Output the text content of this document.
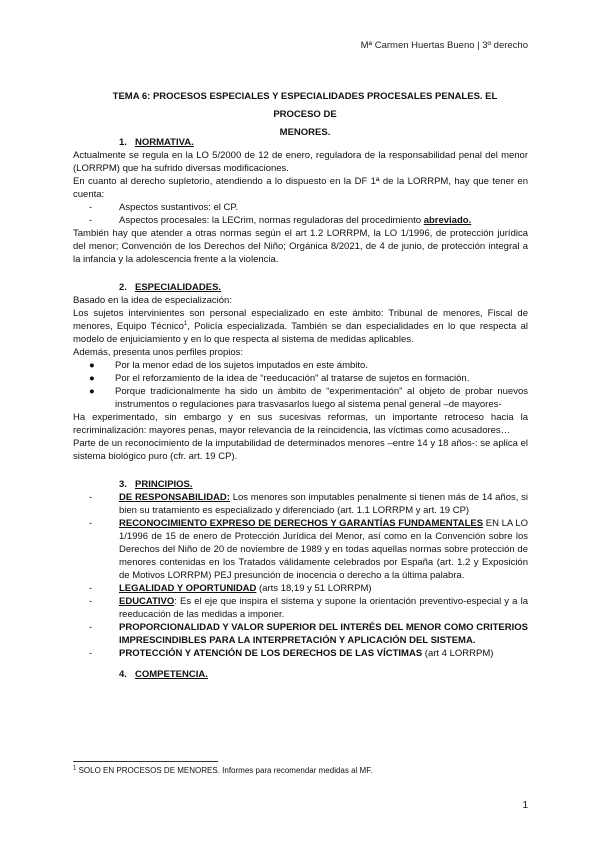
Mª Carmen Huertas Bueno | 3º derecho
TEMA 6: PROCESOS ESPECIALES Y ESPECIALIDADES PROCESALES PENALES. EL PROCESO DE
MENORES.
1. NORMATIVA.
Actualmente se regula en la LO 5/2000 de 12 de enero, reguladora de la responsabilidad penal del menor (LORRPM) que ha sufrido diversas modificaciones.
En cuanto al derecho supletorio, atendiendo a lo dispuesto en la DF 1ª de la LORRPM, hay que tener en cuenta:
-	Aspectos sustantivos: el CP.
-	Aspectos procesales: la LECrim, normas reguladoras del procedimiento abreviado.
También hay que atender a otras normas según el art 1.2 LORRPM, la LO 1/1996, de protección jurídica del menor; Convención de los Derechos del Niño; Orgánica 8/2021, de 4 de junio, de protección integral a la infancia y la adolescencia frente a la violencia.
2. ESPECIALIDADES.
Basado en la idea de especialización:
Los sujetos intervinientes son personal especializado en este ámbito: Tribunal de menores, Fiscal de menores, Equipo Técnico$^1$, Policía especializada. También se dan especialidades en lo que respecta al modelo de enjuiciamiento y en lo que respecta al sistema de medidas aplicables.
Además, presenta unos perfiles propios:
●	Por la menor edad de los sujetos imputados en este ámbito.
●	Por el reforzamiento de la idea de “reeducación” al tratarse de sujetos en formación.
●	Porque tradicionalmente ha sido un ámbito de “experimentación” al objeto de probar nuevos instrumentos o regulaciones para trasvasarlos luego al sistema penal general –de mayores-
Ha experimentado, sin embargo y en sus sucesivas reformas, un importante retroceso hacia la recriminalización: mayores penas, mayor relevancia de la reincidencia, las víctimas como acusadores…
Parte de un reconocimiento de la imputabilidad de determinados menores –entre 14 y 18 años-: se aplica el sistema biológico puro (cfr. art. 19 CP).
3. PRINCIPIOS.
-	DE RESPONSABILIDAD: Los menores son imputables penalmente si tienen más de 14 años, si bien su tratamiento es especializado y diferenciado (art. 1.1 LORRPM y art. 19 CP)
-	RECONOCIMIENTO EXPRESO DE DERECHOS Y GARANTÍAS FUNDAMENTALES EN LA LO 1/1996 de 15 de enero de Protección Jurídica del Menor, así como en la Convención sobre los Derechos del Niño de 20 de noviembre de 1989 y en todas aquellas normas sobre protección de menores contenidas en los Tratados válidamente celebrados por España (art. 1.2 y Exposición de Motivos LORRPM) PEJ presunción de inocencia o derecho a la última palabra.
-	LEGALIDAD Y OPORTUNIDAD (arts 18,19 y 51 LORRPM)
-	EDUCATIVO: Es el eje que inspira el sistema y supone la orientación preventivo-especial y a la reeducación de las medidas a imponer.
-	PROPORCIONALIDAD Y VALOR SUPERIOR DEL INTERÉS DEL MENOR COMO CRITERIOS IMPRESCINDIBLES PARA LA INTERPRETACIÓN Y APLICACIÓN DEL SISTEMA.
-	PROTECCIÓN Y ATENCIÓN DE LOS DERECHOS DE LAS VÍCTIMAS (art 4 LORRPM)
4. COMPETENCIA.
$^1$ SOLO EN PROCESOS DE MENORES. Informes para recomendar medidas al MF.
1
